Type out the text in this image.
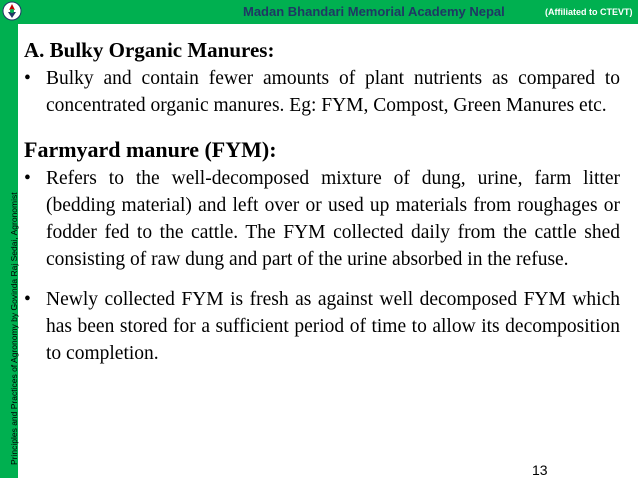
Madan Bhandari Memorial Academy Nepal	(Affiliated to CTEVT)
Principles and Practices of Agronomy by Govinda Raj Sedai, Agronomist

A. Bulky Organic Manures:

• Bulky and contain fewer amounts of plant nutrients as compared to concentrated organic manures. Eg: FYM, Compost, Green Manures etc.

Farmyard manure (FYM):

• Refers to the well-decomposed mixture of dung, urine, farm litter (bedding material) and left over or used up materials from roughages or fodder fed to the cattle. The FYM collected daily from the cattle shed consisting of raw dung and part of the urine absorbed in the refuse.

• Newly collected FYM is fresh as against well decomposed FYM which has been stored for a sufficient period of time to allow its decomposition to completion.

13
